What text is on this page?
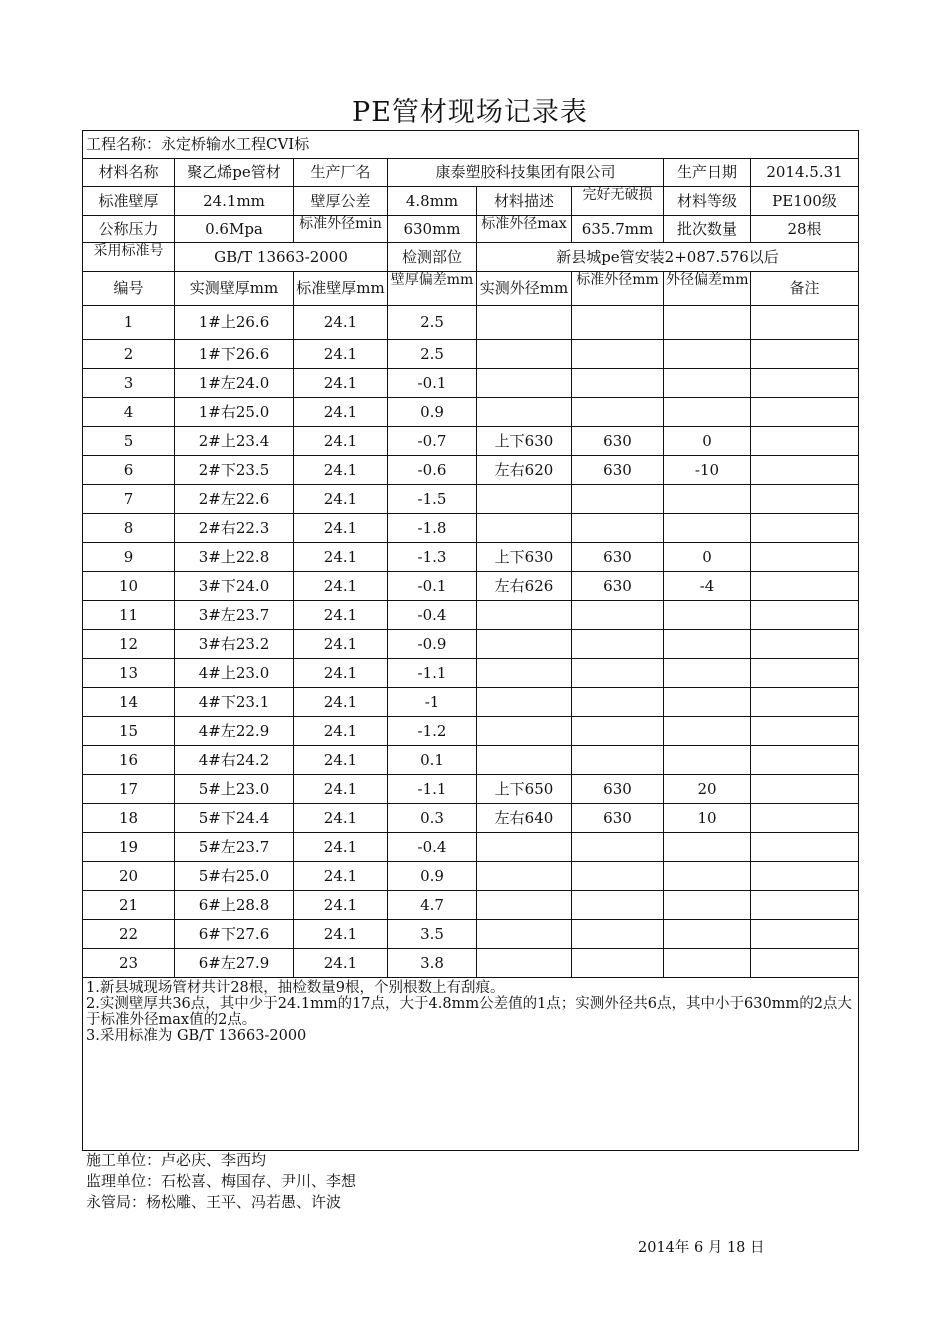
PE管材现场记录表
工程名称：永定桥输水工程CVI标							
材料名称	聚乙烯pe管材	生产厂名	康泰塑胶科技集团有限公司			生产日期	2014.5.31
标准壁厚	24.1mm	壁厚公差	4.8mm	材料描述	完好无破损	材料等级	PE100级
公称压力	0.6Mpa	标准外径min	630mm	标准外径max	635.7mm	批次数量	28根
采用标准号	GB/T 13663-2000		检测部位	新县城pe管安装2+087.576以后			
编号	实测壁厚mm	标准壁厚mm	壁厚偏差mm	实测外径mm	标准外径mm	外径偏差mm	备注
1	1#上26.6	24.1	2.5				
2	1#下26.6	24.1	2.5				
3	1#左24.0	24.1	-0.1				
4	1#右25.0	24.1	0.9				
5	2#上23.4	24.1	-0.7	上下630	630	0	
6	2#下23.5	24.1	-0.6	左右620	630	-10	
7	2#左22.6	24.1	-1.5				
8	2#右22.3	24.1	-1.8				
9	3#上22.8	24.1	-1.3	上下630	630	0	
10	3#下24.0	24.1	-0.1	左右626	630	-4	
11	3#左23.7	24.1	-0.4				
12	3#右23.2	24.1	-0.9				
13	4#上23.0	24.1	-1.1				
14	4#下23.1	24.1	-1				
15	4#左22.9	24.1	-1.2				
16	4#右24.2	24.1	0.1				
17	5#上23.0	24.1	-1.1	上下650	630	20	
18	5#下24.4	24.1	0.3	左右640	630	10	
19	5#左23.7	24.1	-0.4				
20	5#右25.0	24.1	0.9				
21	6#上28.8	24.1	4.7				
22	6#下27.6	24.1	3.5				
23	6#左27.9	24.1	3.8				

1.新县城现场管材共计28根，抽检数量9根，个别根数上有刮痕。
2.实测壁厚共36点，其中少于24.1mm的17点，大于4.8mm公差值的1点；实测外径共6点，其中小于630mm的2点大于标准外径max值的2点。
3.采用标准为 GB/T 13663-2000							
施工单位：卢必庆、李西均
监理单位：石松喜、梅国存、尹川、李想
永管局：杨松雕、王平、冯若愚、许波
2014年 6 月 18 日
